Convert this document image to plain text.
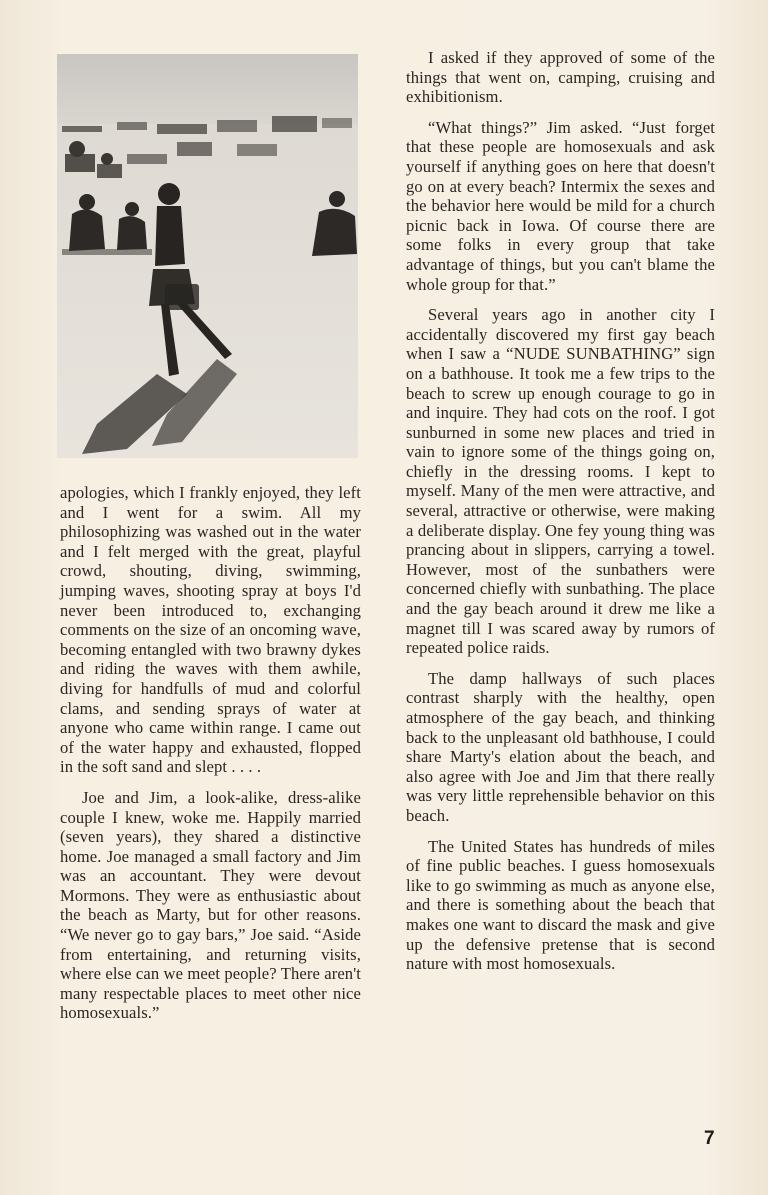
apologies, which I frankly enjoyed, they left and I went for a swim. All my philosophizing was washed out in the water and I felt merged with the great, playful crowd, shouting, diving, swimming, jumping waves, shooting spray at boys I'd never been introduced to, exchanging comments on the size of an oncoming wave, becoming entangled with two brawny dykes and riding the waves with them awhile, diving for handfulls of mud and colorful clams, and sending sprays of water at anyone who came within range. I came out of the water happy and exhausted, flopped in the soft sand and slept . . . .

Joe and Jim, a look-alike, dress-alike couple I knew, woke me. Happily married (seven years), they shared a distinctive home. Joe managed a small factory and Jim was an accountant. They were devout Mormons. They were as enthusiastic about the beach as Marty, but for other reasons. “We never go to gay bars,” Joe said. “Aside from entertaining, and returning visits, where else can we meet people? There aren't many respectable places to meet other nice homosexuals.”

I asked if they approved of some of the things that went on, camping, cruising and exhibitionism.

“What things?” Jim asked. “Just forget that these people are homosexuals and ask yourself if anything goes on here that doesn't go on at every beach? Intermix the sexes and the behavior here would be mild for a church picnic back in Iowa. Of course there are some folks in every group that take advantage of things, but you can't blame the whole group for that.”

Several years ago in another city I accidentally discovered my first gay beach when I saw a “NUDE SUNBATHING” sign on a bathhouse. It took me a few trips to the beach to screw up enough courage to go in and inquire. They had cots on the roof. I got sunburned in some new places and tried in vain to ignore some of the things going on, chiefly in the dressing rooms. I kept to myself. Many of the men were attractive, and several, attractive or otherwise, were making a deliberate display. One fey young thing was prancing about in slippers, carrying a towel. However, most of the sunbathers were concerned chiefly with sunbathing. The place and the gay beach around it drew me like a magnet till I was scared away by rumors of repeated police raids.

The damp hallways of such places contrast sharply with the healthy, open atmosphere of the gay beach, and thinking back to the unpleasant old bathhouse, I could share Marty's elation about the beach, and also agree with Joe and Jim that there really was very little reprehensible behavior on this beach.

The United States has hundreds of miles of fine public beaches. I guess homosexuals like to go swimming as much as anyone else, and there is something about the beach that makes one want to discard the mask and give up the defensive pretense that is second nature with most homosexuals.

7
